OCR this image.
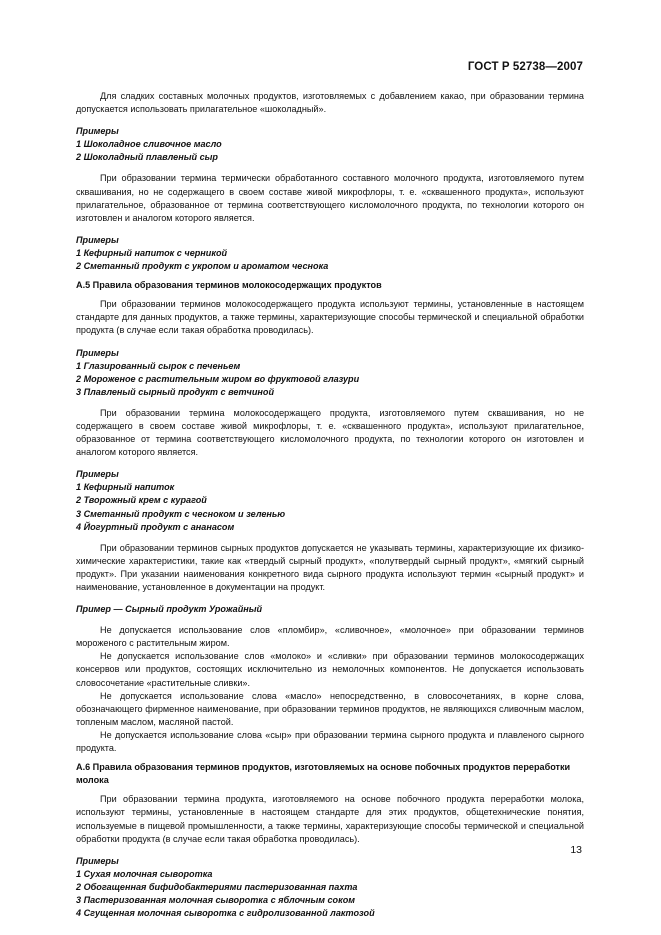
ГОСТ Р 52738—2007

Для сладких составных молочных продуктов, изготовляемых с добавлением какао, при образовании термина допускается использовать прилагательное «шоколадный».

Примеры
1 Шоколадное сливочное масло
2 Шоколадный плавленый сыр

При образовании термина термически обработанного составного молочного продукта, изготовляемого путем сквашивания, но не содержащего в своем составе живой микрофлоры, т. е. «сквашенного продукта», используют прилагательное, образованное от термина соответствующего кисломолочного продукта, по технологии которого он изготовлен и аналогом которого является.

Примеры
1 Кефирный напиток с черникой
2 Сметанный продукт с укропом и ароматом чеснока
А.5 Правила образования терминов молокосодержащих продуктов

При образовании терминов молокосодержащего продукта используют термины, установленные в настоящем стандарте для данных продуктов, а также термины, характеризующие способы термической и специальной обработки продукта (в случае если такая обработка проводилась).

Примеры
1 Глазированный сырок с печеньем
2 Мороженое с растительным жиром во фруктовой глазури
3 Плавленый сырный продукт с ветчиной

При образовании термина молокосодержащего продукта, изготовляемого путем сквашивания, но не содержащего в своем составе живой микрофлоры, т. е. «сквашенного продукта», используют прилагательное, образованное от термина соответствующего кисломолочного продукта, по технологии которого он изготовлен и аналогом которого является.

Примеры
1 Кефирный напиток
2 Творожный крем с курагой
3 Сметанный продукт с чесноком и зеленью
4 Йогуртный продукт с ананасом

При образовании терминов сырных продуктов допускается не указывать термины, характеризующие их физико-химические характеристики, такие как «твердый сырный продукт», «полутвердый сырный продукт», «мягкий сырный продукт». При указании наименования конкретного вида сырного продукта используют термин «сырный продукт» и наименование, установленное в документации на продукт.

Пример — Сырный продукт Урожайный

Не допускается использование слов «пломбир», «сливочное», «молочное» при образовании терминов мороженого с растительным жиром.

Не допускается использование слов «молоко» и «сливки» при образовании терминов молокосодержащих консервов или продуктов, состоящих исключительно из немолочных компонентов. Не допускается использовать словосочетание «растительные сливки».

Не допускается использование слова «масло» непосредственно, в словосочетаниях, в корне слова, обозначающего фирменное наименование, при образовании терминов продуктов, не являющихся сливочным маслом, топленым маслом, масляной пастой.

Не допускается использование слова «сыр» при образовании термина сырного продукта и плавленого сырного продукта.

А.6 Правила образования терминов продуктов, изготовляемых на основе побочных продуктов переработки молока

При образовании термина продукта, изготовляемого на основе побочного продукта переработки молока, используют термины, установленные в настоящем стандарте для этих продуктов, общетехнические понятия, используемые в пищевой промышленности, а также термины, характеризующие способы термической и специальной обработки продукта (в случае если такая обработка проводилась).

Примеры
1 Сухая молочная сыворотка
2 Обогащенная бифидобактериями пастеризованная пахта
3 Пастеризованная молочная сыворотка с яблочным соком
4 Сгущенная молочная сыворотка с гидролизованной лактозой
13
